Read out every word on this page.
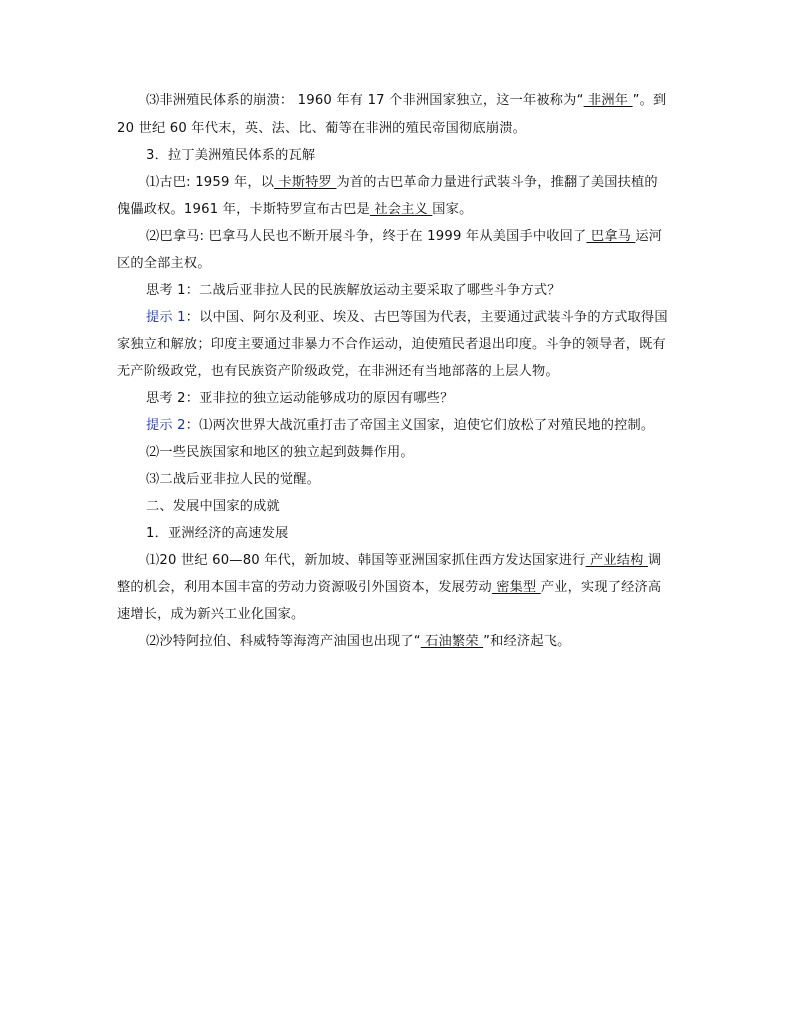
⑶非洲殖民体系的崩溃： 1960 年有 17 个非洲国家独立，这一年被称为“ 非洲年 ”。到
20 世纪 60 年代末，英、法、比、葡等在非洲的殖民帝国彻底崩溃。
3．拉丁美洲殖民体系的瓦解
⑴古巴: 1959 年，以 卡斯特罗 为首的古巴革命力量进行武装斗争，推翻了美国扶植的
傀儡政权。1961 年，卡斯特罗宣布古巴是 社会主义 国家。
⑵巴拿马: 巴拿马人民也不断开展斗争，终于在 1999 年从美国手中收回了 巴拿马 运河
区的全部主权。
思考 1：二战后亚非拉人民的民族解放运动主要采取了哪些斗争方式？
提示 1：以中国、阿尔及利亚、埃及、古巴等国为代表，主要通过武装斗争的方式取得国
家独立和解放；印度主要通过非暴力不合作运动，迫使殖民者退出印度。斗争的领导者，既有
无产阶级政党，也有民族资产阶级政党，在非洲还有当地部落的上层人物。
思考 2：亚非拉的独立运动能够成功的原因有哪些？
提示 2：⑴两次世界大战沉重打击了帝国主义国家，迫使它们放松了对殖民地的控制。
⑵一些民族国家和地区的独立起到鼓舞作用。
⑶二战后亚非拉人民的觉醒。
二、发展中国家的成就
1．亚洲经济的高速发展
⑴20 世纪 60—80 年代，新加坡、韩国等亚洲国家抓住西方发达国家进行 产业结构 调
整的机会，利用本国丰富的劳动力资源吸引外国资本，发展劳动 密集型 产业，实现了经济高
速增长，成为新兴工业化国家。
⑵沙特阿拉伯、科威特等海湾产油国也出现了“ 石油繁荣 ”和经济起飞。
